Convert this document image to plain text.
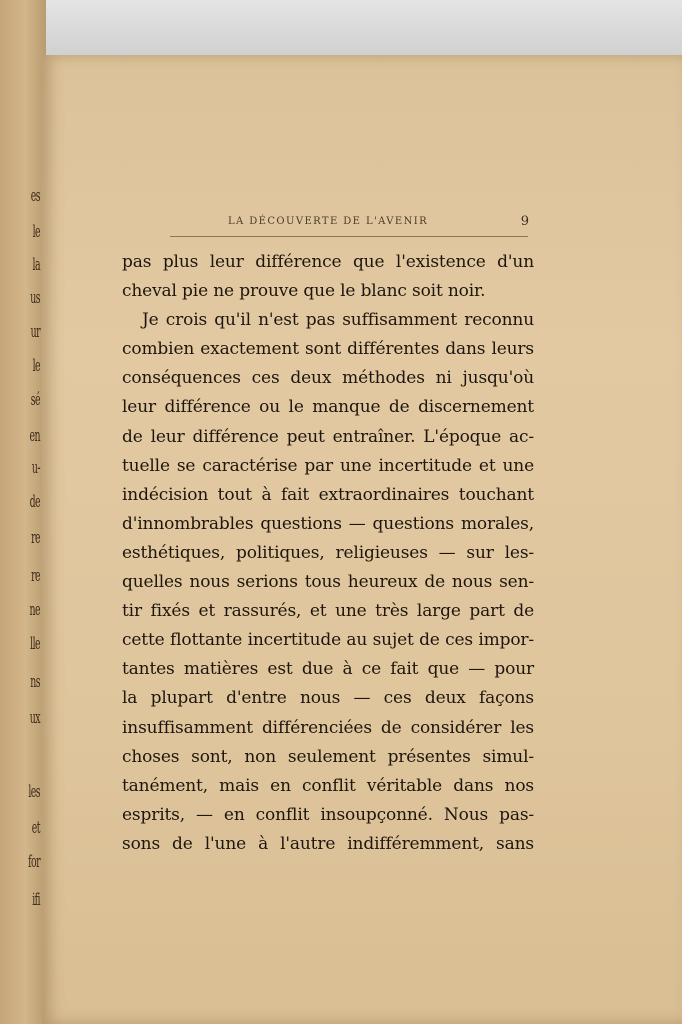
es
le
la
us
ur
le
sé
en
u-
de
re
re
ne
lle
ns
ux
les
et
for
ifi
LA DÉCOUVERTE DE L'AVENIR	9
pas plus leur différence que l'existence d'un
cheval pie ne prouve que le blanc soit noir.
Je crois qu'il n'est pas suffisamment reconnu
combien exactement sont différentes dans leurs
conséquences ces deux méthodes ni jusqu'où
leur différence ou le manque de discernement
de leur différence peut entraîner. L'époque ac-
tuelle se caractérise par une incertitude et une
indécision tout à fait extraordinaires touchant
d'innombrables questions — questions morales,
esthétiques, politiques, religieuses — sur les-
quelles nous serions tous heureux de nous sen-
tir fixés et rassurés, et une très large part de
cette flottante incertitude au sujet de ces impor-
tantes matières est due à ce fait que — pour
la plupart d'entre nous — ces deux façons
insuffisamment différenciées de considérer les
choses sont, non seulement présentes simul-
tanément, mais en conflit véritable dans nos
esprits, — en conflit insoupçonné. Nous pas-
sons de l'une à l'autre indifféremment, sans
